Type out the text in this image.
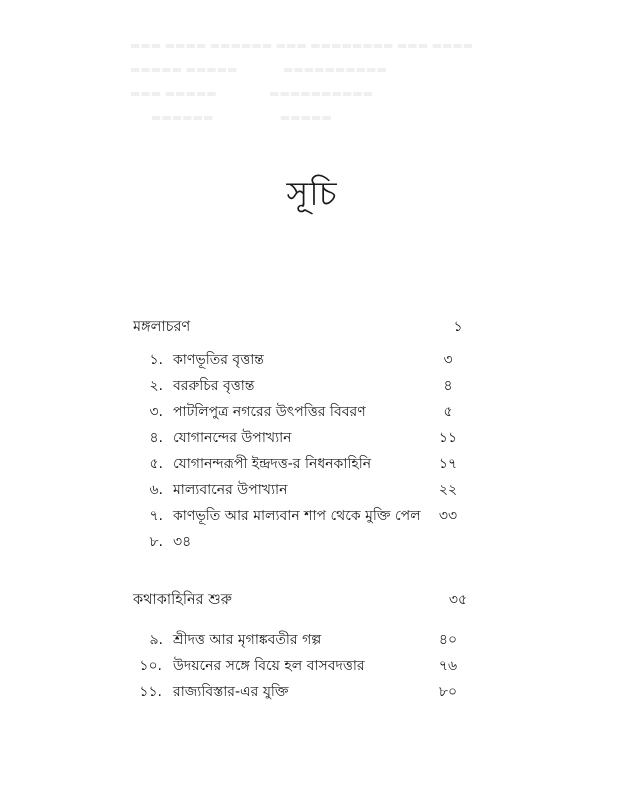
▬▬▬ ▬▬▬▬ ▬▬▬▬▬▬ ▬▬▬ ▬▬▬▬▬▬▬▬ ▬▬▬ ▬▬▬▬
▬▬▬▬▬ ▬▬▬▬▬             ▬▬▬▬▬▬▬▬▬▬
▬▬▬ ▬▬▬▬▬               ▬▬▬▬▬▬▬▬▬▬
▬▬▬▬▬▬                   ▬▬▬▬▬
সূচি
মঙ্গলাচরণ	১
১. কাণভূতির বৃত্তান্ত	৩
২. বররুচির বৃত্তান্ত	৪
৩. পাটলিপুত্র নগরের উৎপত্তির বিবরণ	৫
৪. যোগানন্দের উপাখ্যান	১১
৫. যোগানন্দরূপী ইন্দ্রদত্ত-র নিধনকাহিনি	১৭
৬. মাল্যবানের উপাখ্যান	২২
৭. কাণভূতি আর মাল্যবান শাপ থেকে মুক্তি পেল	৩৩
৮. ৩৪
কথাকাহিনির শুরু	৩৫
৯. শ্রীদত্ত আর মৃগাঙ্কবতীর গল্প	৪০
১০. উদয়নের সঙ্গে বিয়ে হল বাসবদত্তার	৭৬
১১. রাজ্যবিস্তার-এর যুক্তি	৮০
